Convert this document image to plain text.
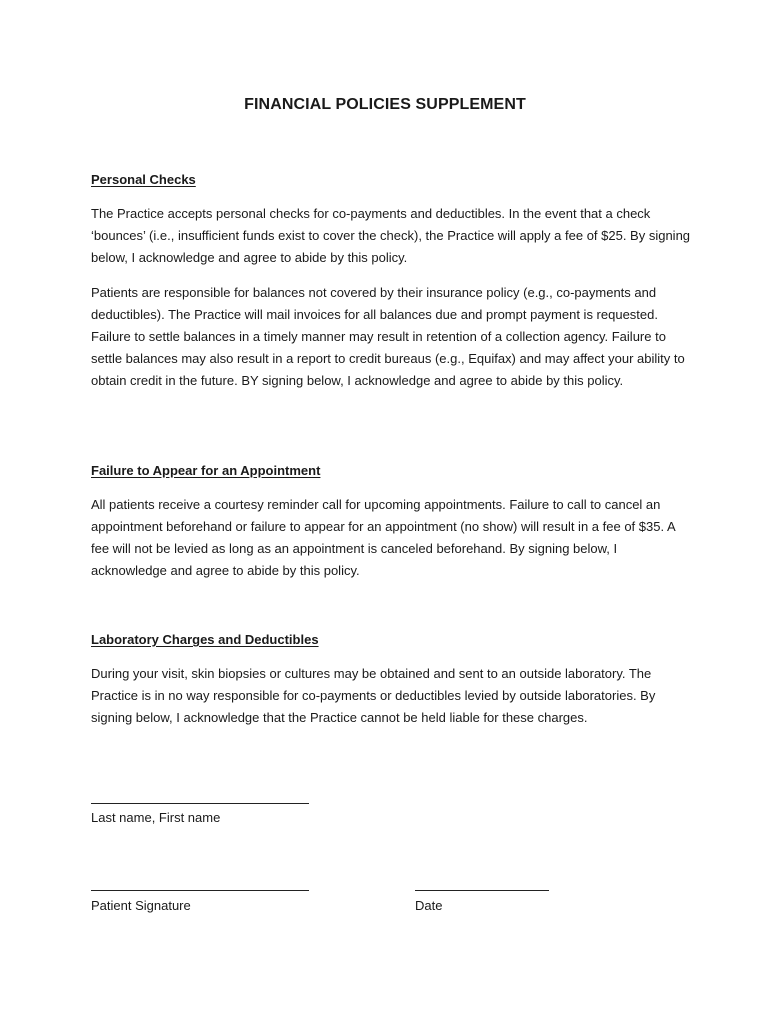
FINANCIAL POLICIES SUPPLEMENT
Personal Checks
The Practice accepts personal checks for co-payments and deductibles. In the event that a check ‘bounces’ (i.e., insufficient funds exist to cover the check), the Practice will apply a fee of $25. By signing below, I acknowledge and agree to abide by this policy.
Patients are responsible for balances not covered by their insurance policy (e.g., co-payments and deductibles). The Practice will mail invoices for all balances due and prompt payment is requested. Failure to settle balances in a timely manner may result in retention of a collection agency. Failure to settle balances may also result in a report to credit bureaus (e.g., Equifax) and may affect your ability to obtain credit in the future. BY signing below, I acknowledge and agree to abide by this policy.
Failure to Appear for an Appointment
All patients receive a courtesy reminder call for upcoming appointments. Failure to call to cancel an appointment beforehand or failure to appear for an appointment (no show) will result in a fee of $35. A fee will not be levied as long as an appointment is canceled beforehand. By signing below, I acknowledge and agree to abide by this policy.
Laboratory Charges and Deductibles
During your visit, skin biopsies or cultures may be obtained and sent to an outside laboratory. The Practice is in no way responsible for co-payments or deductibles levied by outside laboratories. By signing below, I acknowledge that the Practice cannot be held liable for these charges.
Last name, First name
Patient Signature	Date
